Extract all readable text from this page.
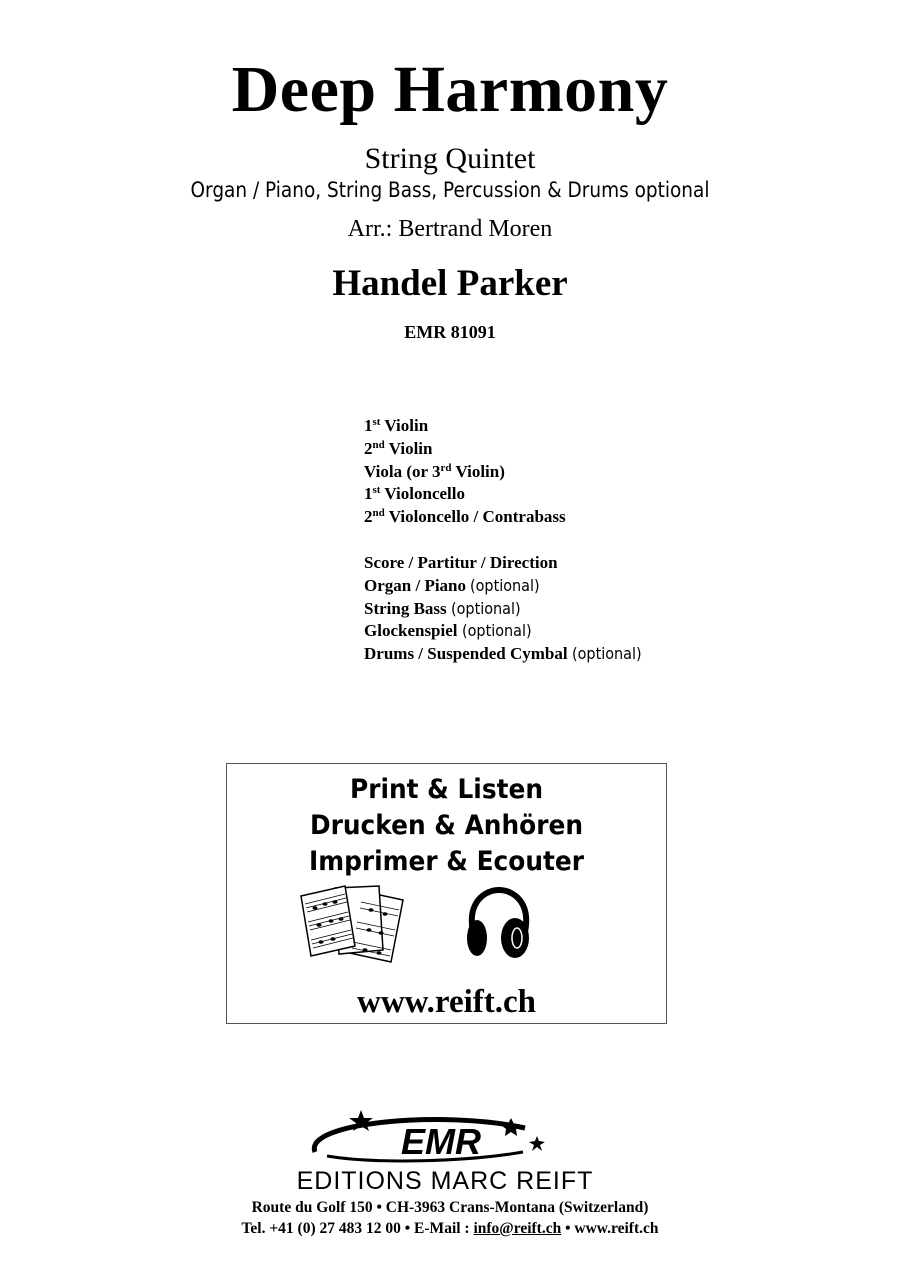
Deep Harmony
String Quintet
Organ / Piano, String Bass, Percussion & Drums optional
Arr.: Bertrand Moren
Handel Parker
EMR 81091
1st Violin
2nd Violin
Viola (or 3rd Violin)
1st Violoncello
2nd Violoncello / Contrabass
Score / Partitur / Direction
Organ / Piano (optional)
String Bass (optional)
Glockenspiel (optional)
Drums / Suspended Cymbal (optional)
Print & Listen
Drucken & Anhören
Imprimer & Ecouter
www.reift.ch
EMR
EDITIONS MARC REIFT
Route du Golf 150 • CH-3963 Crans-Montana (Switzerland)
Tel. +41 (0) 27 483 12 00 • E-Mail : info@reift.ch • www.reift.ch
